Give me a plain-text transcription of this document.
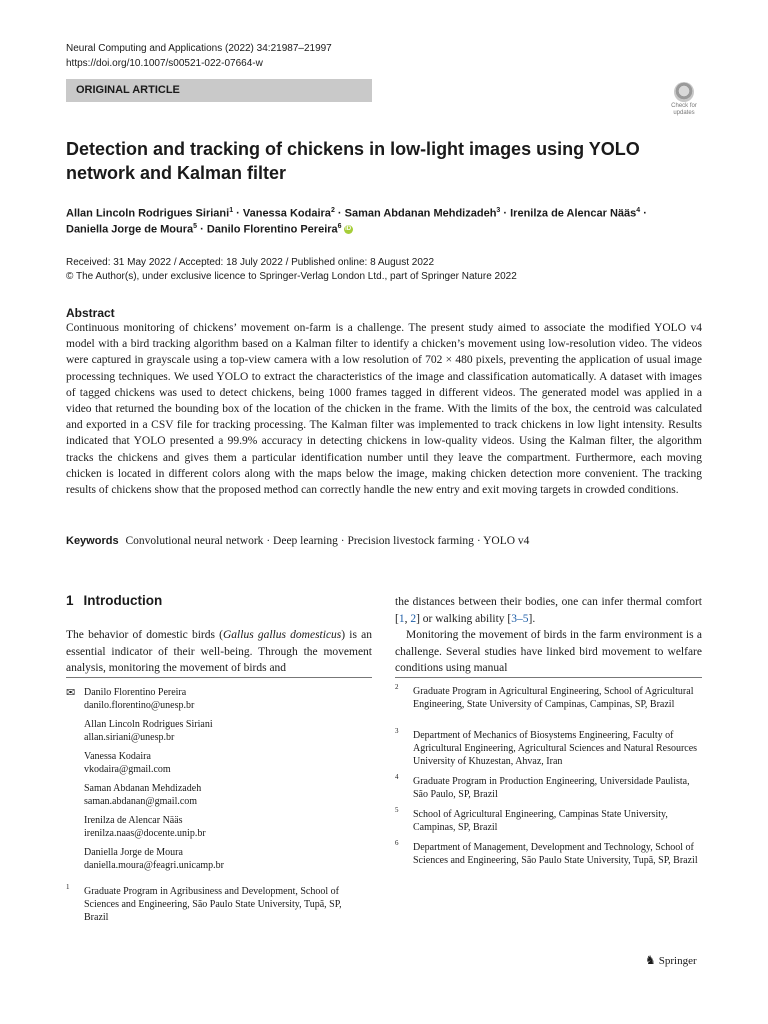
Neural Computing and Applications (2022) 34:21987–21997
https://doi.org/10.1007/s00521-022-07664-w
ORIGINAL ARTICLE
Check for updates
Detection and tracking of chickens in low-light images using YOLO network and Kalman filter
Allan Lincoln Rodrigues Siriani$^1$ · Vanessa Kodaira$^2$ · Saman Abdanan Mehdizadeh$^3$ · Irenilza de Alencar Nääs$^4$ ·
Daniella Jorge de Moura$^5$ · Danilo Florentino Pereira$^6$ iD
Received: 31 May 2022 / Accepted: 18 July 2022 / Published online: 8 August 2022
© The Author(s), under exclusive licence to Springer-Verlag London Ltd., part of Springer Nature 2022
Abstract

Continuous monitoring of chickens’ movement on-farm is a challenge. The present study aimed to associate the modified YOLO v4 model with a bird tracking algorithm based on a Kalman filter to identify a chicken’s movement using low-resolution video. The videos were captured in grayscale using a top-view camera with a low resolution of 702 × 480 pixels, preventing the application of usual image processing techniques. We used YOLO to extract the characteristics of the image and classification automatically. A dataset with images of tagged chickens was used to detect chickens, being 1000 frames tagged in different videos. The generated model was applied in a video that returned the bounding box of the location of the chicken in the frame. With the limits of the box, the centroid was calculated and exported in a CSV file for tracking processing. The Kalman filter was implemented to track chickens in low light intensity. Results indicated that YOLO presented a 99.9% accuracy in detecting chickens in low-quality videos. Using the Kalman filter, the algorithm tracks the chickens and gives them a particular identification number until they leave the compartment. Furthermore, each moving chicken is located in different colors along with the maps below the image, making chicken detection more convenient. The tracking results of chickens show that the proposed method can correctly handle the new entry and exit moving targets in crowded conditions.

Keywords Convolutional neural network · Deep learning · Precision livestock farming · YOLO v4
1 Introduction

The behavior of domestic birds (Gallus gallus domesticus) is an essential indicator of their well-being. Through the movement analysis, monitoring the movement of birds and

the distances between their bodies, one can infer thermal comfort [1, 2] or walking ability [3–5].

Monitoring the movement of birds in the farm environment is a challenge. Several studies have linked bird movement to welfare conditions using manual

✉ Danilo Florentino Pereira
danilo.florentino@unesp.br
Allan Lincoln Rodrigues Siriani
allan.siriani@unesp.br
Vanessa Kodaira
vkodaira@gmail.com
Saman Abdanan Mehdizadeh
saman.abdanan@gmail.com
Irenilza de Alencar Nääs
irenilza.naas@docente.unip.br
Daniella Jorge de Moura
daniella.moura@feagri.unicamp.br
1 Graduate Program in Agribusiness and Development, School of Sciences and Engineering, São Paulo State University, Tupã, SP, Brazil
2 Graduate Program in Agricultural Engineering, School of Agricultural Engineering, State University of Campinas, Campinas, SP, Brazil
3 Department of Mechanics of Biosystems Engineering, Faculty of Agricultural Engineering, Agricultural Sciences and Natural Resources University of Khuzestan, Ahvaz, Iran
4 Graduate Program in Production Engineering, Universidade Paulista, São Paulo, SP, Brazil
5 School of Agricultural Engineering, Campinas State University, Campinas, SP, Brazil
6 Department of Management, Development and Technology, School of Sciences and Engineering, São Paulo State University, Tupã, SP, Brazil
♞ Springer
